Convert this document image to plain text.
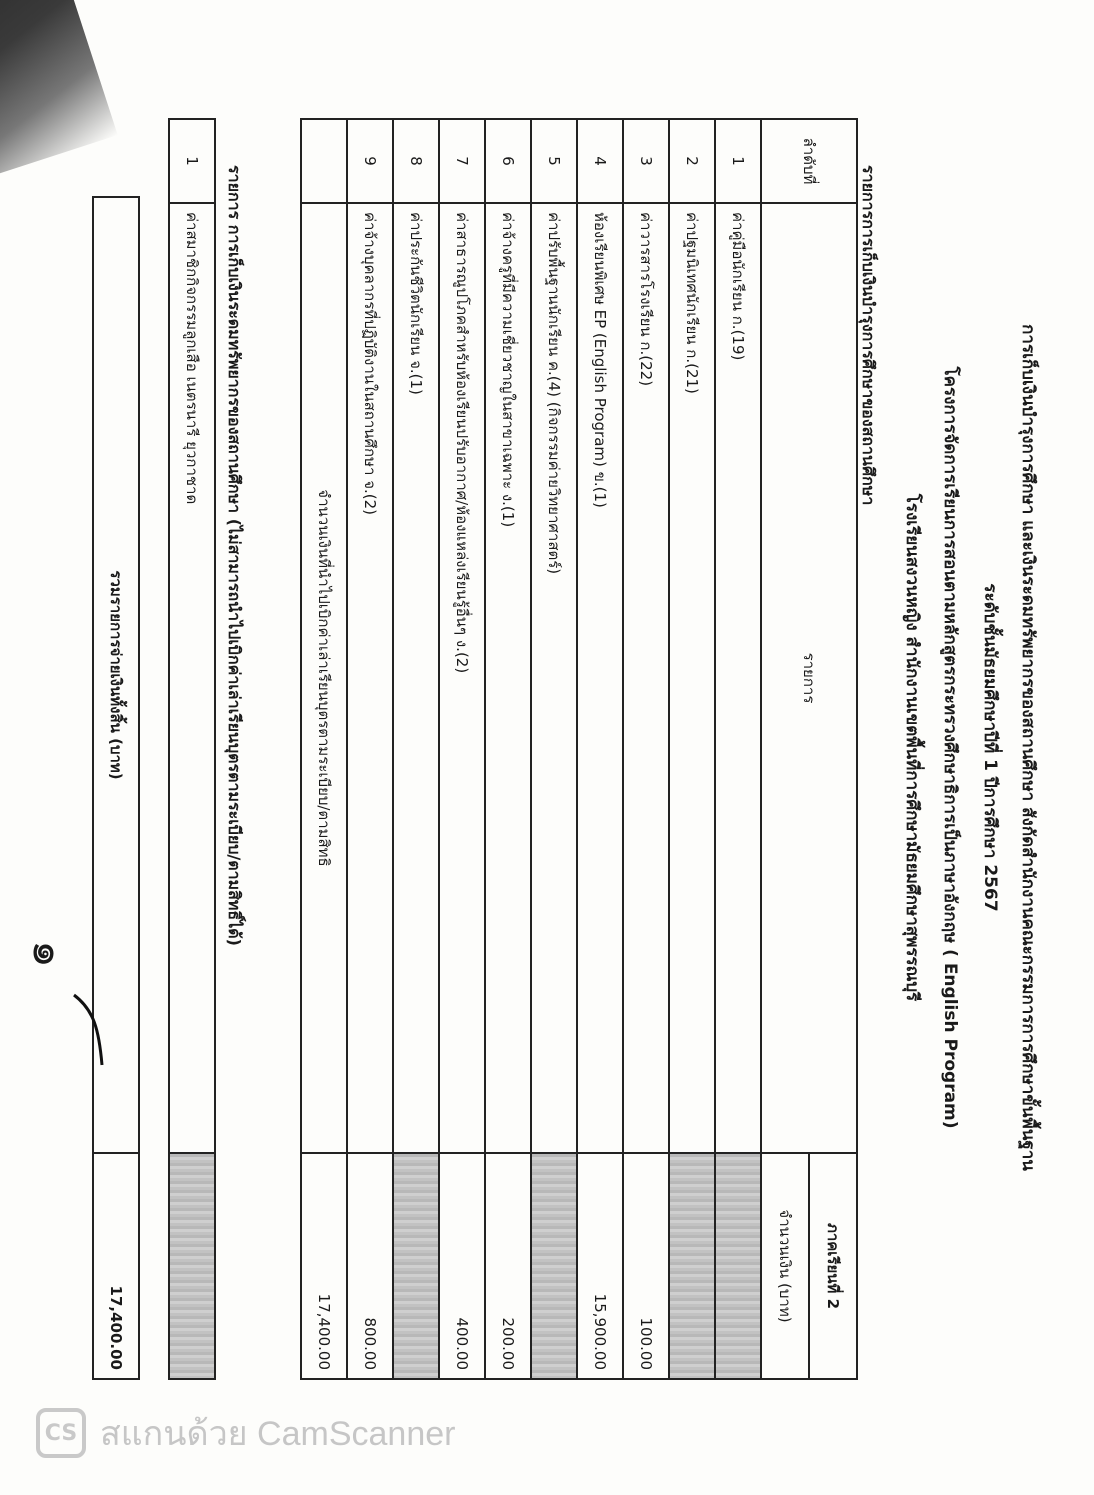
การเก็บเงินบำรุงการศึกษา และเงินระดมทรัพยากรของสถานศึกษา สังกัดสำนักงานคณะกรรมการการศึกษาขั้นพื้นฐาน
ระดับชั้นมัธยมศึกษาปีที่ 1 ปีการศึกษา 2567
โครงการจัดการเรียนการสอนตามหลักสูตรกระทรวงศึกษาธิการเป็นภาษาอังกฤษ ( English Program)
โรงเรียนสงวนหญิง สำนักงานเขตพื้นที่การศึกษามัธยมศึกษาสุพรรณบุรี
รายการการเก็บเงินบำรุงการศึกษาของสถานศึกษา
ลำดับที่	รายการ	ภาคเรียนที่ 2
		จำนวนเงิน (บาท)
1	ค่าคู่มือนักเรียน ก.(19)	
2	ค่าปฐมนิเทศนักเรียน ก.(21)	
3	ค่าวารสารโรงเรียน ก.(22)	100.00
4	ห้องเรียนพิเศษ EP (English Program) ข.(1)	15,900.00
5	ค่าปรับพื้นฐานนักเรียน ค.(4) (กิจกรรมค่ายวิทยาศาสตร์)	
6	ค่าจ้างครูที่มีความเชี่ยวชาญในสาขาเฉพาะ ง.(1)	200.00
7	ค่าสาธารณูปโภคสำหรับห้องเรียนปรับอากาศ/ห้องแหล่งเรียนรู้อื่นๆ ง.(2)	400.00
8	ค่าประกันชีวิตนักเรียน จ.(1)	
9	ค่าจ้างบุคลากรที่ปฏิบัติงานในสถานศึกษา จ.(2)	800.00
	จำนวนเงินที่นำไปเบิกค่าเล่าเรียนบุตรตามระเบียบ/ตามสิทธิ	17,400.00
รายการ การเก็บเงินระดมทรัพยากรของสถานศึกษา (ไม่สามารถนำไปเบิกค่าเล่าเรียนบุตรตามระเบียบ/ตามสิทธิ์ได้)
1	ค่าสมาชิกกิจกรรมลูกเสือ เนตรนารี ยุวกาชาด	
รวมรายการจ่ายเงินทั้งสิ้น (บาท)	17,400.00
๑
CS สแกนด้วย CamScanner
